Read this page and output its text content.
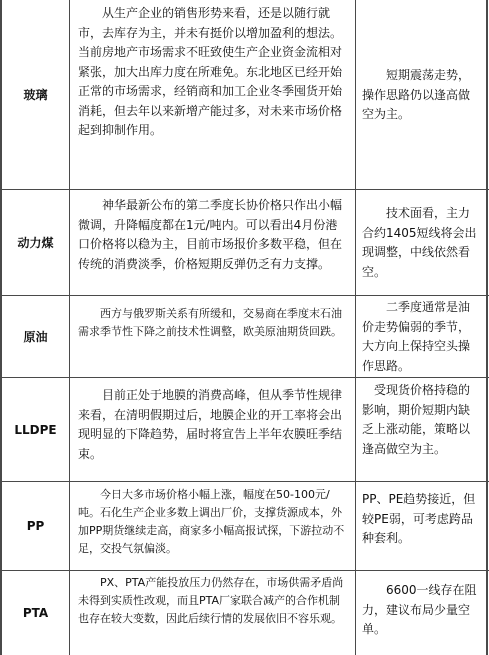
玻璃
从生产企业的销售形势来看，还是以随行就市，去库存为主，并未有挺价以增加盈利的想法。当前房地产市场需求不旺致使生产企业资金流相对紧张，加大出库力度在所难免。东北地区已经开始正常的市场需求，经销商和加工企业冬季囤货开始消耗，但去年以来新增产能过多，对未来市场价格起到抑制作用。
短期震荡走势，操作思路仍以逢高做空为主。
动力煤
神华最新公布的第二季度长协价格只作出小幅微调，升降幅度都在1元/吨内。可以看出4月份港口价格将以稳为主，目前市场报价多数平稳，但在传统的消费淡季，价格短期反弹仍乏有力支撑。
技术面看，主力合约1405短线将会出现调整，中线依然看空。
原油
西方与俄罗斯关系有所缓和，交易商在季度末石油需求季节性下降之前技术性调整，欧美原油期货回跌。
二季度通常是油价走势偏弱的季节，大方向上保持空头操作思路。
LLDPE
目前正处于地膜的消费高峰，但从季节性规律来看，在清明假期过后，地膜企业的开工率将会出现明显的下降趋势，届时将宣告上半年农膜旺季结束。
受现货价格持稳的影响，期价短期内缺乏上涨动能，策略以逢高做空为主。
PP
今日大多市场价格小幅上涨，幅度在50-100元/吨。石化生产企业多数上调出厂价，支撑货源成本，外加PP期货继续走高，商家多小幅高报试探，下游拉动不足，交投气氛偏淡。
PP、PE趋势接近，但较PE弱，可考虑跨品种套利。
PTA
PX、PTA产能投放压力仍然存在，市场供需矛盾尚未得到实质性改观，而且PTA厂家联合减产的合作机制也存在较大变数，因此后续行情的发展依旧不容乐观。
6600一线存在阻力，建议布局少量空单。
